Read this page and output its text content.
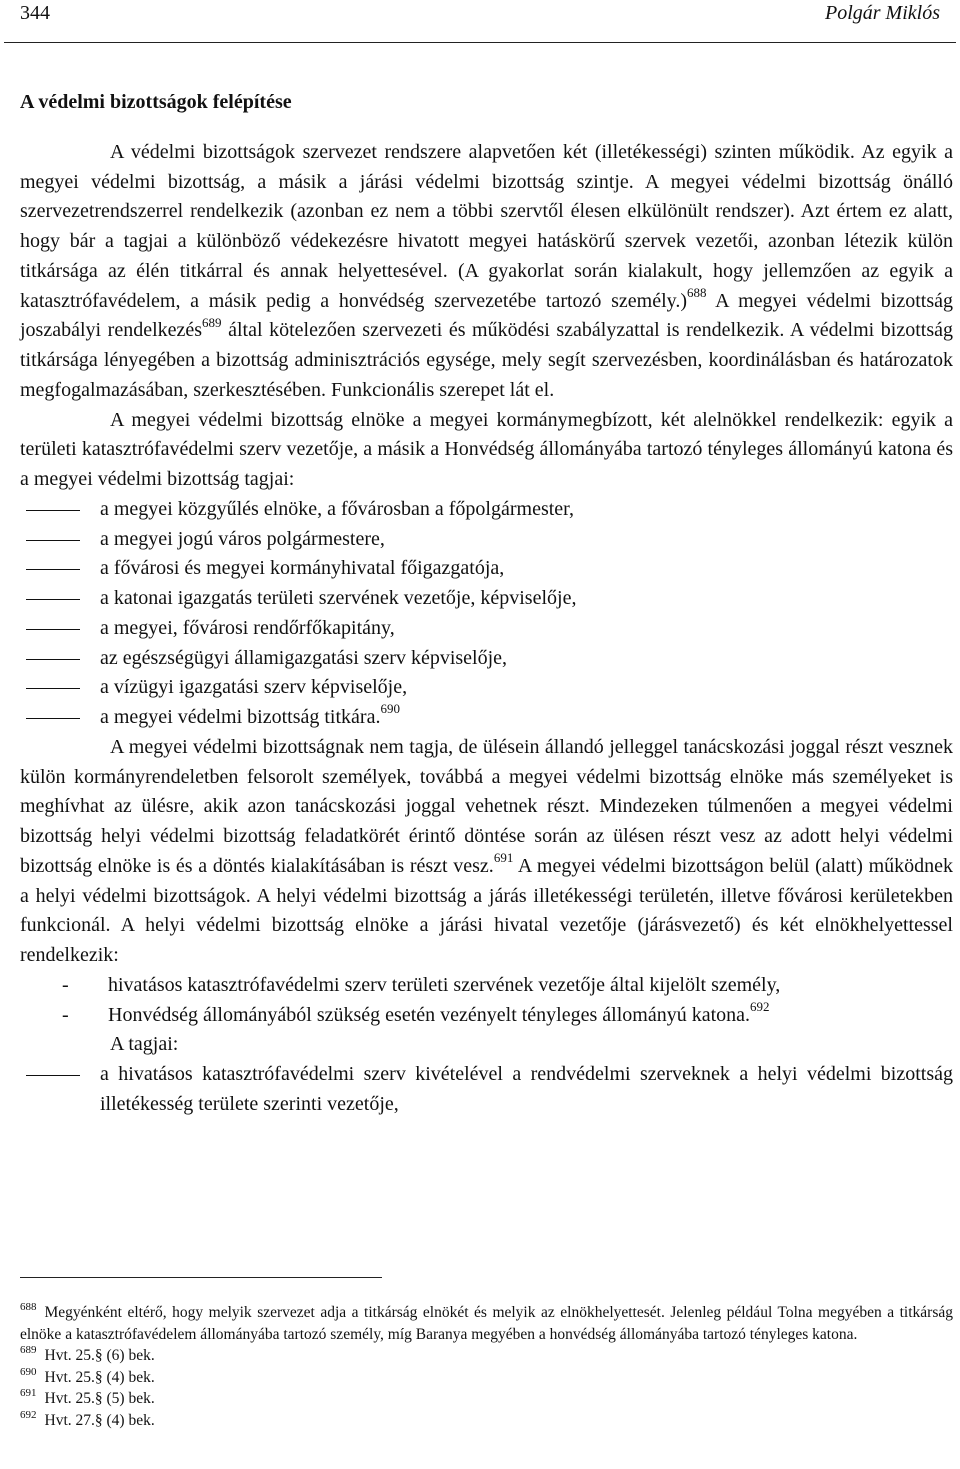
344	Polgár Miklós
A védelmi bizottságok felépítése

A védelmi bizottságok szervezet rendszere alapvetően két (illetékességi) szinten működik. Az egyik a megyei védelmi bizottság, a másik a járási védelmi bizottság szintje. A megyei védelmi bizottság önálló szervezetrendszerrel rendelkezik (azonban ez nem a többi szervtől élesen elkülönült rendszer). Azt értem ez alatt, hogy bár a tagjai a különböző védekezésre hivatott megyei hatáskörű szervek vezetői, azonban létezik külön titkársága az élén titkárral és annak helyettesével. (A gyakorlat során kialakult, hogy jellemzően az egyik a katasztrófavédelem, a másik pedig a honvédség szervezetébe tartozó személy.)$^{688}$ A megyei védelmi bizottság joszabályi rendelkezés$^{689}$ által kötelezően szervezeti és működési szabályzattal is rendelkezik. A védelmi bizottság titkársága lényegében a bizottság adminisztrációs egysége, mely segít szervezésben, koordinálásban és határozatok megfogalmazásában, szerkesztésében. Funkcionális szerepet lát el.

A megyei védelmi bizottság elnöke a megyei kormánymegbízott, két alelnökkel rendelkezik: egyik a területi katasztrófavédelmi szerv vezetője, a másik a Honvédség állományába tartozó tényleges állományú katona és a megyei védelmi bizottság tagjai:

a megyei közgyűlés elnöke, a fővárosban a főpolgármester,
a megyei jogú város polgármestere,
a fővárosi és megyei kormányhivatal főigazgatója,
a katonai igazgatás területi szervének vezetője, képviselője,
a megyei, fővárosi rendőrfőkapitány,
az egészségügyi államigazgatási szerv képviselője,
a vízügyi igazgatási szerv képviselője,
a megyei védelmi bizottság titkára.$^{690}$

A megyei védelmi bizottságnak nem tagja, de ülésein állandó jelleggel tanácskozási joggal részt vesznek külön kormányrendeletben felsorolt személyek, továbbá a megyei védelmi bizottság elnöke más személyeket is meghívhat az ülésre, akik azon tanácskozási joggal vehetnek részt. Mindezeken túlmenően a megyei védelmi bizottság helyi védelmi bizottság feladatkörét érintő döntése során az ülésen részt vesz az adott helyi védelmi bizottság elnöke is és a döntés kialakításában is részt vesz.$^{691}$ A megyei védelmi bizottságon belül (alatt) működnek a helyi védelmi bizottságok. A helyi védelmi bizottság a járás illetékességi területén, illetve fővárosi kerületekben funkcionál. A helyi védelmi bizottság elnöke a járási hivatal vezetője (járásvezető) és két elnökhelyettessel rendelkezik:

- hivatásos katasztrófavédelmi szerv területi szervének vezetője által kijelölt személy,
- Honvédség állományából szükség esetén vezényelt tényleges állományú katona.$^{692}$

A tagjai:

a hivatásos katasztrófavédelmi szerv kivételével a rendvédelmi szerveknek a helyi védelmi bizottság illetékesség területe szerinti vezetője,

$^{688}$ Megyénként eltérő, hogy melyik szervezet adja a titkárság elnökét és melyik az elnökhelyettesét. Jelenleg például Tolna megyében a titkárság elnöke a katasztrófavédelem állományába tartozó személy, míg Baranya megyében a honvédség állományába tartozó tényleges katona.

$^{689}$ Hvt. 25.§ (6) bek.

$^{690}$ Hvt. 25.§ (4) bek.

$^{691}$ Hvt. 25.§ (5) bek.

$^{692}$ Hvt. 27.§ (4) bek.
